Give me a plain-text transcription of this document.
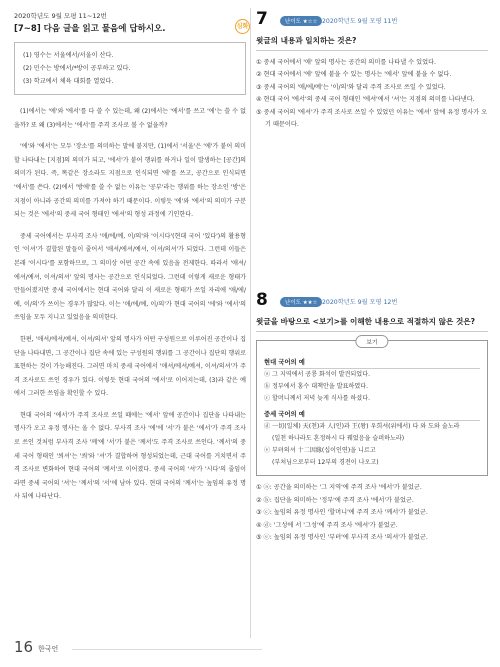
2020학년도 9월 모평 11~12번
[7~8] 다음 글을 읽고 물음에 답하시오.	심화
(1) 영수는 서울에서/서울이 산다.
(2) 민수는 방에서/*방이 공부하고 있다.
(3) 학교에서 체육 대회를 열었다.

(1)에서는 '에'와 '에서'를 다 쓸 수 있는데, 왜 (2)에서는 '에서'를 쓰고 '에'는 쓸 수 없을까? 또 왜 (3)에서는 '에서'를 주격 조사로 볼 수 없을까?

'에'와 '에서'는 모두 '장소'를 의미하는 말에 붙지만, (1)에서 '서울'은 '에'가 붙어 의미할 나타내는 [지점]의 의미가 되고, '에서'가 붙어 행위를 하거나 일이 발생하는 [공간]의 의미가 된다. 즉, 똑같은 장소라도 지점으로 인식되면 '에'를 쓰고, 공간으로 인식되면 '에서'를 쓴다. (2)에서 '방에'를 쓸 수 없는 이유는 '공부'라는 행위를 하는 장소인 '방'은 지점이 아니라 공간의 의미를 가져야 하기 때문이다. 이렇듯 '에'와 '에서'의 의미가 구분되는 것은 '에서'의 중세 국어 형태인 '에셔'의 형성 과정에 기인한다.

중세 국어에서는 부사격 조사 '애/에/예, 이/의'와 '이시다'(현대 국어 '있다')의 활용형인 '이셔'가 결합된 말들이 줄어서 '애셔/에셔/예셔, 이셔/의셔'가 되었다. 그런데 이들은 본래 '이시다'를 포함하므로, 그 의미상 어떤 공간 속에 있음을 전제한다. 따라서 '애셔/에셔/예셔, 이셔/의셔' 앞의 명사는 공간으로 인식되었다. 그런데 이렇게 새로운 형태가 만들어졌지만 중세 국어에서는 현대 국어와 달리 이 새로운 형태가 쓰일 자리에 '애/에/예, 이/의'가 쓰이는 경우가 많았다. 이는 '애/에/예, 이/의'가 현대 국어의 '에'와 '에서'의 쓰임을 모두 지니고 있었음을 의미한다.

한편, '애셔/에셔/예셔, 이셔/의셔' 앞의 명사가 어떤 구성원으로 이루어진 공간이나 집단을 나타내면, 그 공간이나 집단 속에 있는 구성원의 행위를 그 공간이나 집단의 행위로 표현하는 것이 가능해진다. 그러면 마치 중세 국어에서 '애셔/에셔/예셔, 이셔/의셔'가 주격 조사로도 쓰인 경우가 있다. 이렇듯 현대 국어의 '에서'로 이어지는데, (3)과 같은 예에서 그러한 쓰임을 확인할 수 있다.

현대 국어의 '에서'가 주격 조사로 쓰일 때에는 '에서' 앞에 공간이나 집단을 나타내는 명사가 오고 유정 명사는 올 수 없다. 부사격 조사 '에'에 '서'가 붙은 '에서'가 주격 조사로 쓰인 것처럼 부사격 조사 '께'에 '서'가 붙은 '께서'도 주격 조사로 쓰인다. '께서'의 중세 국어 형태인 '씌셔'는 '씌'와 '셔'가 결합하여 형성되었는데, 근대 국어를 거치면서 주격 조사로 변화하여 현대 국어의 '께서'로 이어졌다. 중세 국어의 '셔'가 '시다'의 줄임이라면 중세 국어의 '셔'는 '께서'의 '서'에 남아 있다. 현대 국어의 '께서'는 높임의 유정 명사 뒤에 나타난다.

7	난이도 ★☆☆ 2020학년도 9월 모평 11번
윗글의 내용과 일치하는 것은?
① 중세 국어에서 '애' 앞의 명사는 공간의 의미를 나타낼 수 있었다.
② 현대 국어에서 '에' 앞에 붙을 수 있는 명사는 '에서' 앞에 붙을 수 없다.
③ 중세 국어의 '애/에/예'는 '이/의'와 달리 주격 조사로 쓰일 수 있었다.
④ 현대 국어 '에서'의 중세 국어 형태인 '에셔'에서 '셔'는 지점의 의미를 나타낸다.
⑤ 중세 국어의 '에셔'가 주격 조사로 쓰일 수 있었던 이유는 '에셔' 앞에 유정 명사가 오기 때문이다.
8	난이도 ★★☆ 2020학년도 9월 모평 12번
윗글을 바탕으로 <보기>를 이해한 내용으로 적절하지 않은 것은?
보기
현대 국어의 예
ⓐ 그 지역에서 공룡 화석이 발견되었다.
ⓑ 정부에서 홍수 대책안을 발표하였다.
ⓒ 할머니께서 저녁 늦게 식사를 하셨다.
중세 국어의 예
ⓓ 一切(일체) 天(천)과 人(인)과 王(왕) 우희셔(위에서) 다 와 도와 술노라
(일천 하나라도 혼정하시 다 꿰었음을 슬퍼하노라)
ⓔ 부텨의셔 十二因緣(십이인연)을 니르고
(부처님으로부터 12부의 경전이 나오고)
① ⓐ: 공간을 의미하는 '그 지역'에 주격 조사 '에서'가 붙었군.
② ⓑ: 집단을 의미하는 '정부'에 주격 조사 '에서'가 붙었군.
③ ⓒ: 높임의 유정 명사인 '할머니'에 주격 조사 '께서'가 붙었군.
④ ⓓ: '그성에 서 '그성'에 주격 조사 '에셔'가 붙었군.
⑤ ⓔ: 높임의 유정 명사인 '부텨'에 부사격 조사 '의셔'가 붙었군.
16 한국언
